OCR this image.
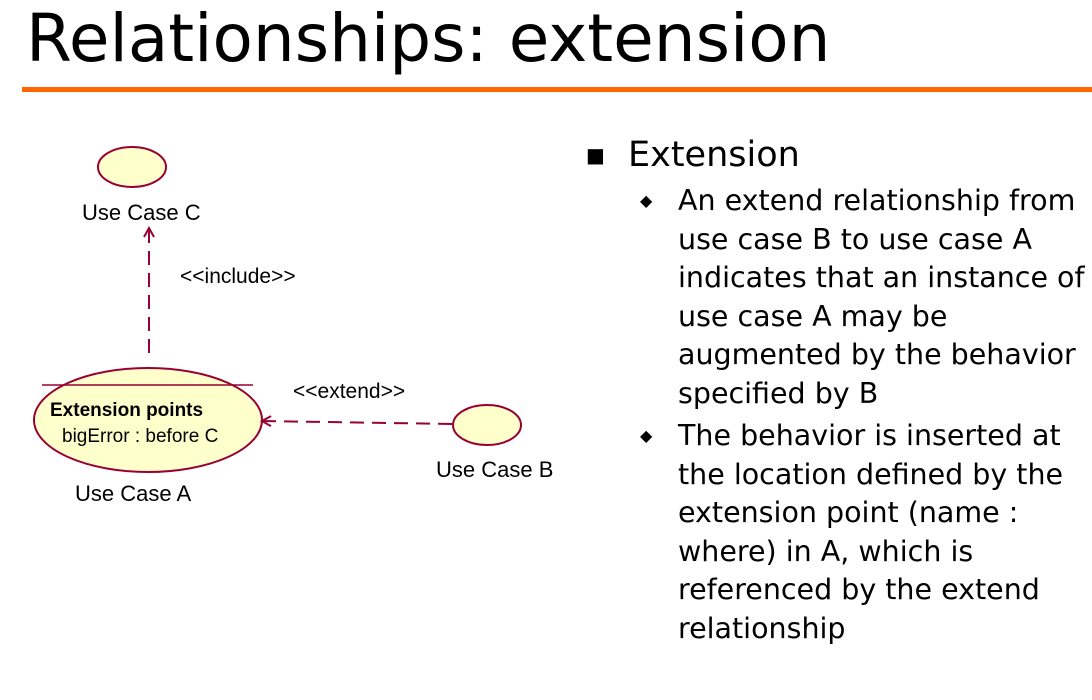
Relationships: extension
Use Case C
<<include>>
Extension points
bigError : before C
Use Case A
<<extend>>
Use Case B
■ Extension
◆ An extend relationship from use case B to use case A indicates that an instance of use case A may be augmented by the behavior specified by B
◆ The behavior is inserted at the location defined by the extension point (name : where) in A, which is referenced by the extend relationship
